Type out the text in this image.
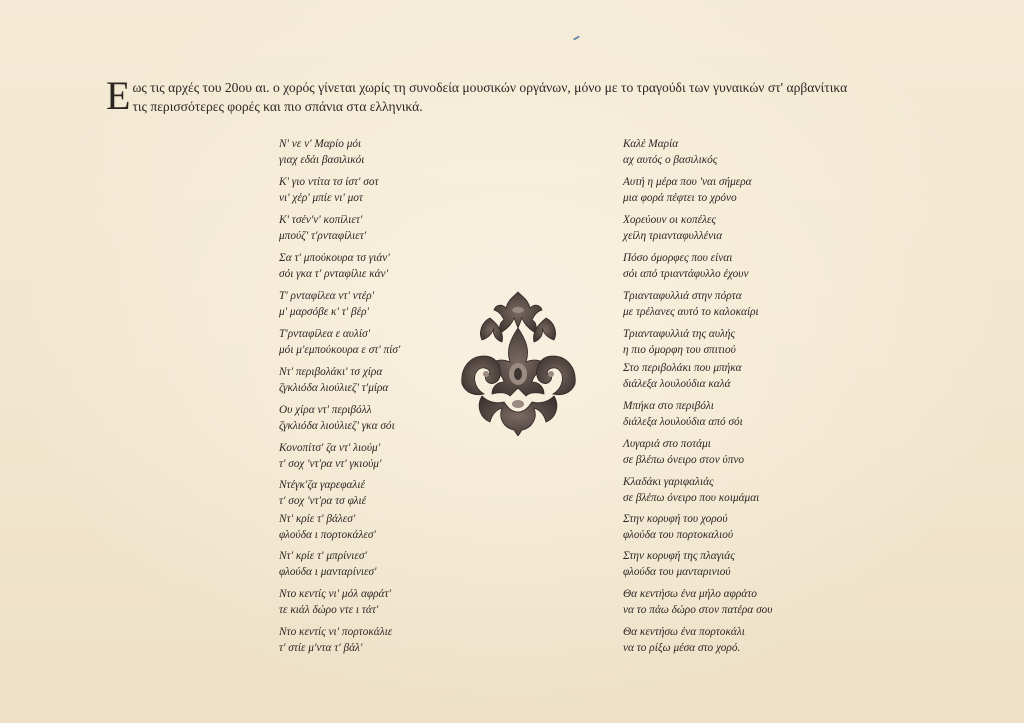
Ε ως τις αρχές του 20ου αι. ο χορός γίνεται χωρίς τη συνοδεία μουσικών οργάνων, μόνο με το τραγούδι των γυναικών στ' αρβανίτικα

τις περισσότερες φορές και πιο σπάνια στα ελληνικά.

N' νε ν' Μαρίο μόι
γιαχ εδάι βασιλικόι
Κ' γιο ντίτα τσ ίστ' σοτ
νι' χέρ' μπίε νι' μοτ
Κ' τσέν'ν' κοπίλιετ'
μπούζ' τ'ρνταφίλιετ'
Σα τ' μπούκουρα τσ γιάν'
σόι γκα τ' ρνταφίλιε κάν'
Τ' ρνταφίλεα ντ' ντέρ'
μ' μαρσόβε κ' τ' βέρ'
Τ'ρνταφίλεα ε αυλίσ'
μόι μ'εμπούκουρα ε στ' πίσ'
Ντ' περιβολάκι' τσ χίρα
ζγκλιόδα λιούλιεζ' τ'μίρα
Ου χίρα ντ' περιβόλλ
ζγκλιόδα λιούλιεζ' γκα σόι
Κονοπίτσ' ζα ντ' λιούμ'
τ' σοχ 'ντ'ρα ντ' γκιούμ'
Ντέγκ'ζα γαρεφαλιέ
τ' σοχ 'ντ'ρα τσ φλιέ
Ντ' κρίε τ' βάλεσ'
φλούδα ι πορτοκάλεσ'
Ντ' κρίε τ' μπρίνιεσ'
φλούδα ι μανταρίνιεσ'
Ντο κεντίς νι' μόλ αφράτ'
τε κιάλ δώρο ντε ι τάτ'
Ντο κεντίς νι' πορτοκάλιε
τ' στίε μ'ντα τ' βάλ'
Καλέ Μαρία
αχ αυτός ο βασιλικός
Αυτή η μέρα που 'ναι σήμερα
μια φορά πέφτει το χρόνο
Χορεύουν οι κοπέλες
χείλη τριανταφυλλένια
Πόσο όμορφες που είναι
σόι από τριαντάφυλλο έχουν
Τριανταφυλλιά στην πόρτα
με τρέλανες αυτό το καλοκαίρι
Τριανταφυλλιά της αυλής
η πιο όμορφη του σπιτιού
Στο περιβολάκι που μπήκα
διάλεξα λουλούδια καλά
Μπήκα στο περιβόλι
διάλεξα λουλούδια από σόι
Λυγαριά στο ποτάμι
σε βλέπω όνειρο στον ύπνο
Κλαδάκι γαριφαλιάς
σε βλέπω όνειρο που κοιμάμαι
Στην κορυφή του χορού
φλούδα του πορτοκαλιού
Στην κορυφή της πλαγιάς
φλούδα του μανταρινιού
Θα κεντήσω ένα μήλο αφράτο
να το πάω δώρο στον πατέρα σου
Θα κεντήσω ένα πορτοκάλι
να το ρίξω μέσα στο χορό.
